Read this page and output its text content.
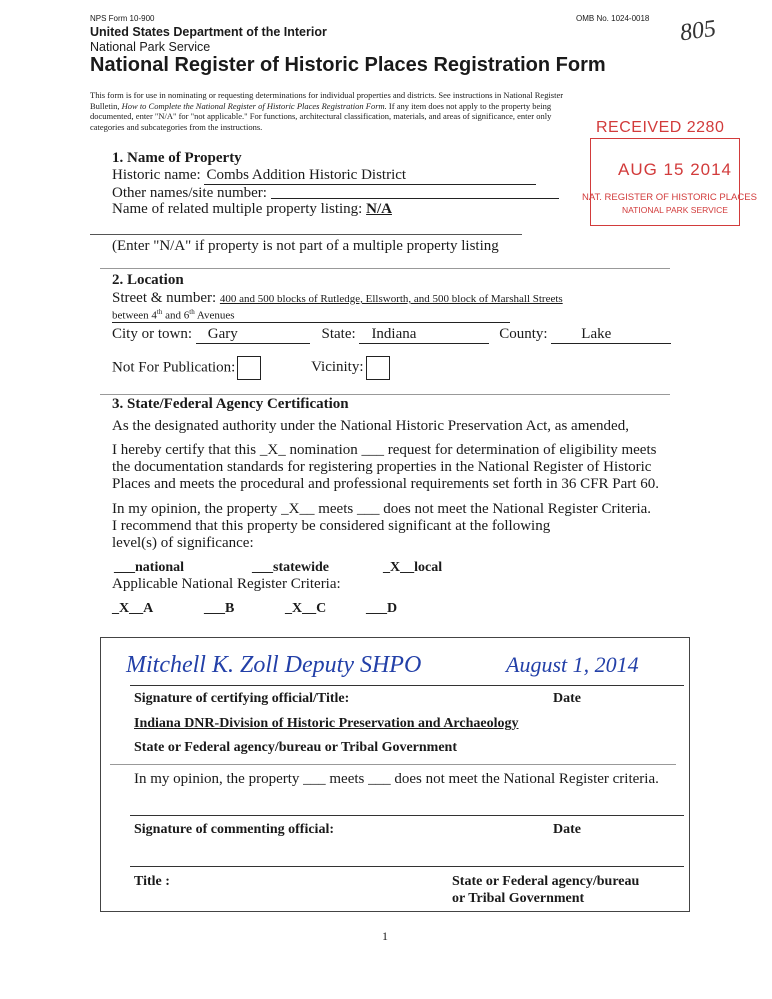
NPS Form 10-900	OMB No. 1024-0018 805
United States Department of the Interior
National Park Service
National Register of Historic Places Registration Form
This form is for use in nominating or requesting determinations for individual properties and districts. See instructions in National Register
Bulletin, How to Complete the National Register of Historic Places Registration Form. If any item does not apply to the property being
documented, enter "N/A" for "not applicable." For functions, architectural classification, materials, and areas of significance, enter only
categories and subcategories from the instructions.	RECEIVED 2280
AUG 15 2014
NAT. REGISTER OF HISTORIC PLACES
NATIONAL PARK SERVICE
1. Name of Property
Historic name: Combs Addition Historic District
Other names/site number:
Name of related multiple property listing: N/A
(Enter "N/A" if property is not part of a multiple property listing
2. Location
Street & number: 400 and 500 blocks of Rutledge, Ellsworth, and 500 block of Marshall Streets
between 4th and 6th Avenues
City or town: Gary	State: Indiana	County: Lake
Not For Publication:	Vicinity:
3. State/Federal Agency Certification
As the designated authority under the National Historic Preservation Act, as amended,
I hereby certify that this _X_ nomination ___ request for determination of eligibility meets
the documentation standards for registering properties in the National Register of Historic
Places and meets the procedural and professional requirements set forth in 36 CFR Part 60.
In my opinion, the property _X__ meets ___ does not meet the National Register Criteria.
I recommend that this property be considered significant at the following
level(s) of significance:
___national	___statewide	_X__local
Applicable National Register Criteria:
_X__A	___B	_X__C	___D
Mitchell K. Zoll Deputy SHPO	August 1, 2014
Signature of certifying official/Title:	Date
Indiana DNR-Division of Historic Preservation and Archaeology
State or Federal agency/bureau or Tribal Government
In my opinion, the property ___ meets ___ does not meet the National Register criteria.
Signature of commenting official:	Date
Title :	State or Federal agency/bureau
or Tribal Government
1
